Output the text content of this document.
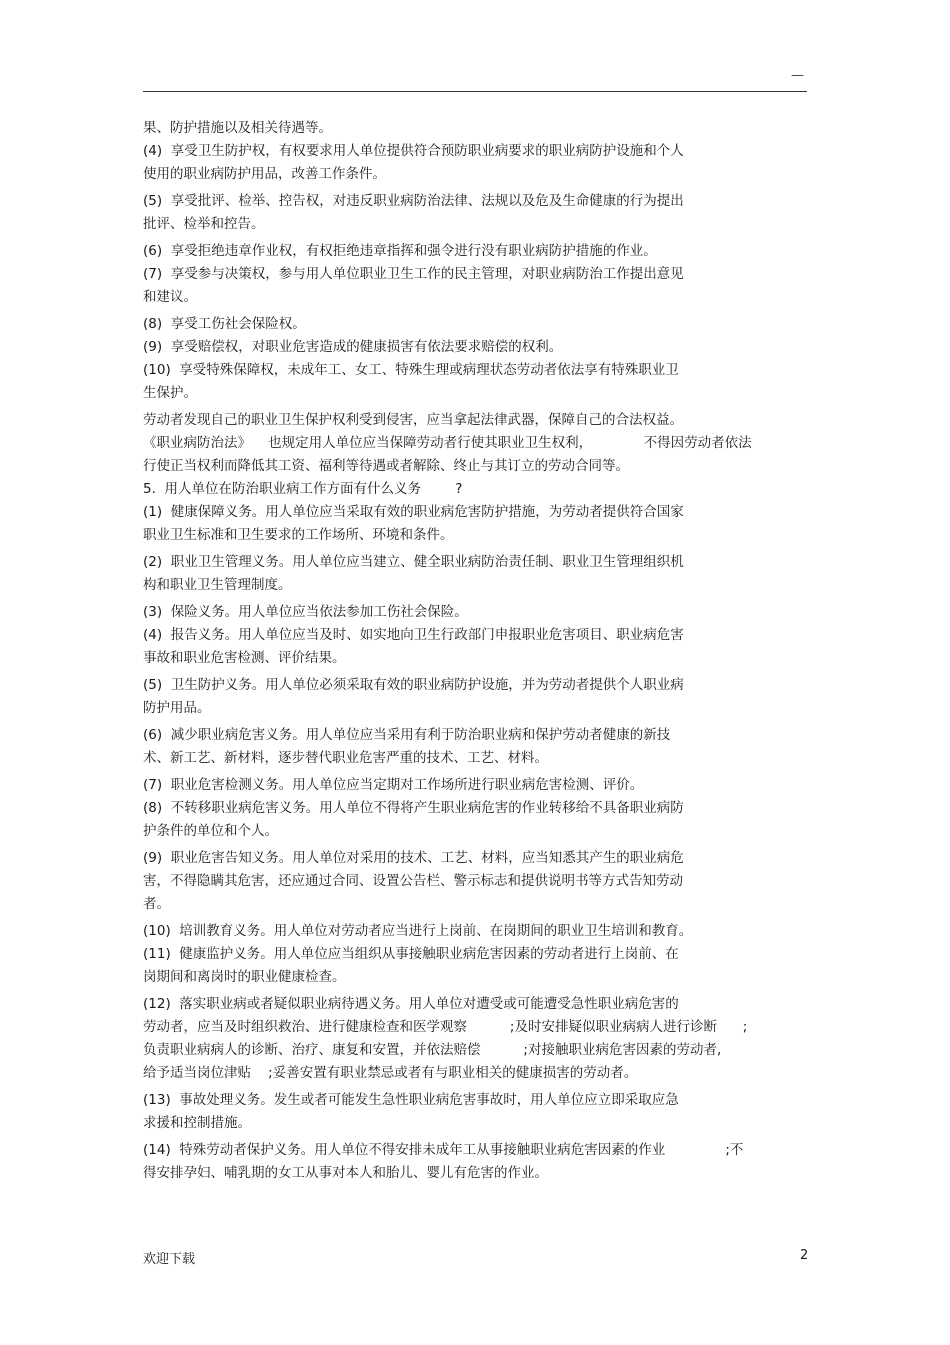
—
果、防护措施以及相关待遇等。
(4)  享受卫生防护权，有权要求用人单位提供符合预防职业病要求的职业病防护设施和个人
使用的职业病防护用品，改善工作条件。
(5)  享受批评、检举、控告权，对违反职业病防治法律、法规以及危及生命健康的行为提出
批评、检举和控告。
(6)  享受拒绝违章作业权，有权拒绝违章指挥和强令进行没有职业病防护措施的作业。
(7)  享受参与决策权，参与用人单位职业卫生工作的民主管理，对职业病防治工作提出意见
和建议。
(8)  享受工伤社会保险权。
(9)  享受赔偿权，对职业危害造成的健康损害有依法要求赔偿的权利。
(10)  享受特殊保障权，未成年工、女工、特殊生理或病理状态劳动者依法享有特殊职业卫
生保护。
劳动者发现自己的职业卫生保护权利受到侵害，应当拿起法律武器，保障自己的合法权益。
《职业病防治法》    也规定用人单位应当保障劳动者行使其职业卫生权利，            不得因劳动者依法
行使正当权利而降低其工资、福利等待遇或者解除、终止与其订立的劳动合同等。
5.  用人单位在防治职业病工作方面有什么义务        ?
(1)  健康保障义务。用人单位应当采取有效的职业病危害防护措施，为劳动者提供符合国家
职业卫生标准和卫生要求的工作场所、环境和条件。
(2)  职业卫生管理义务。用人单位应当建立、健全职业病防治责任制、职业卫生管理组织机
构和职业卫生管理制度。
(3)  保险义务。用人单位应当依法参加工伤社会保险。
(4)  报告义务。用人单位应当及时、如实地向卫生行政部门申报职业危害项目、职业病危害
事故和职业危害检测、评价结果。
(5)  卫生防护义务。用人单位必须采取有效的职业病防护设施，并为劳动者提供个人职业病
防护用品。
(6)  减少职业病危害义务。用人单位应当采用有利于防治职业病和保护劳动者健康的新技
术、新工艺、新材料，逐步替代职业危害严重的技术、工艺、材料。
(7)  职业危害检测义务。用人单位应当定期对工作场所进行职业病危害检测、评价。
(8)  不转移职业病危害义务。用人单位不得将产生职业病危害的作业转移给不具备职业病防
护条件的单位和个人。
(9)  职业危害告知义务。用人单位对采用的技术、工艺、材料，应当知悉其产生的职业病危
害，不得隐瞒其危害，还应通过合同、设置公告栏、警示标志和提供说明书等方式告知劳动
者。
(10)  培训教育义务。用人单位对劳动者应当进行上岗前、在岗期间的职业卫生培训和教育。
(11)  健康监护义务。用人单位应当组织从事接触职业病危害因素的劳动者进行上岗前、在
岗期间和离岗时的职业健康检查。
(12)  落实职业病或者疑似职业病待遇义务。用人单位对遭受或可能遭受急性职业病危害的
劳动者，应当及时组织救治、进行健康检查和医学观察          ;及时安排疑似职业病病人进行诊断      ;
负责职业病病人的诊断、治疗、康复和安置，并依法赔偿          ;对接触职业病危害因素的劳动者,
给予适当岗位津贴    ;妥善安置有职业禁忌或者有与职业相关的健康损害的劳动者。
(13)  事故处理义务。发生或者可能发生急性职业病危害事故时，用人单位应立即采取应急
求援和控制措施。
(14)  特殊劳动者保护义务。用人单位不得安排未成年工从事接触职业病危害因素的作业              ;不
得安排孕妇、哺乳期的女工从事对本人和胎儿、婴儿有危害的作业。
欢迎下载	2
